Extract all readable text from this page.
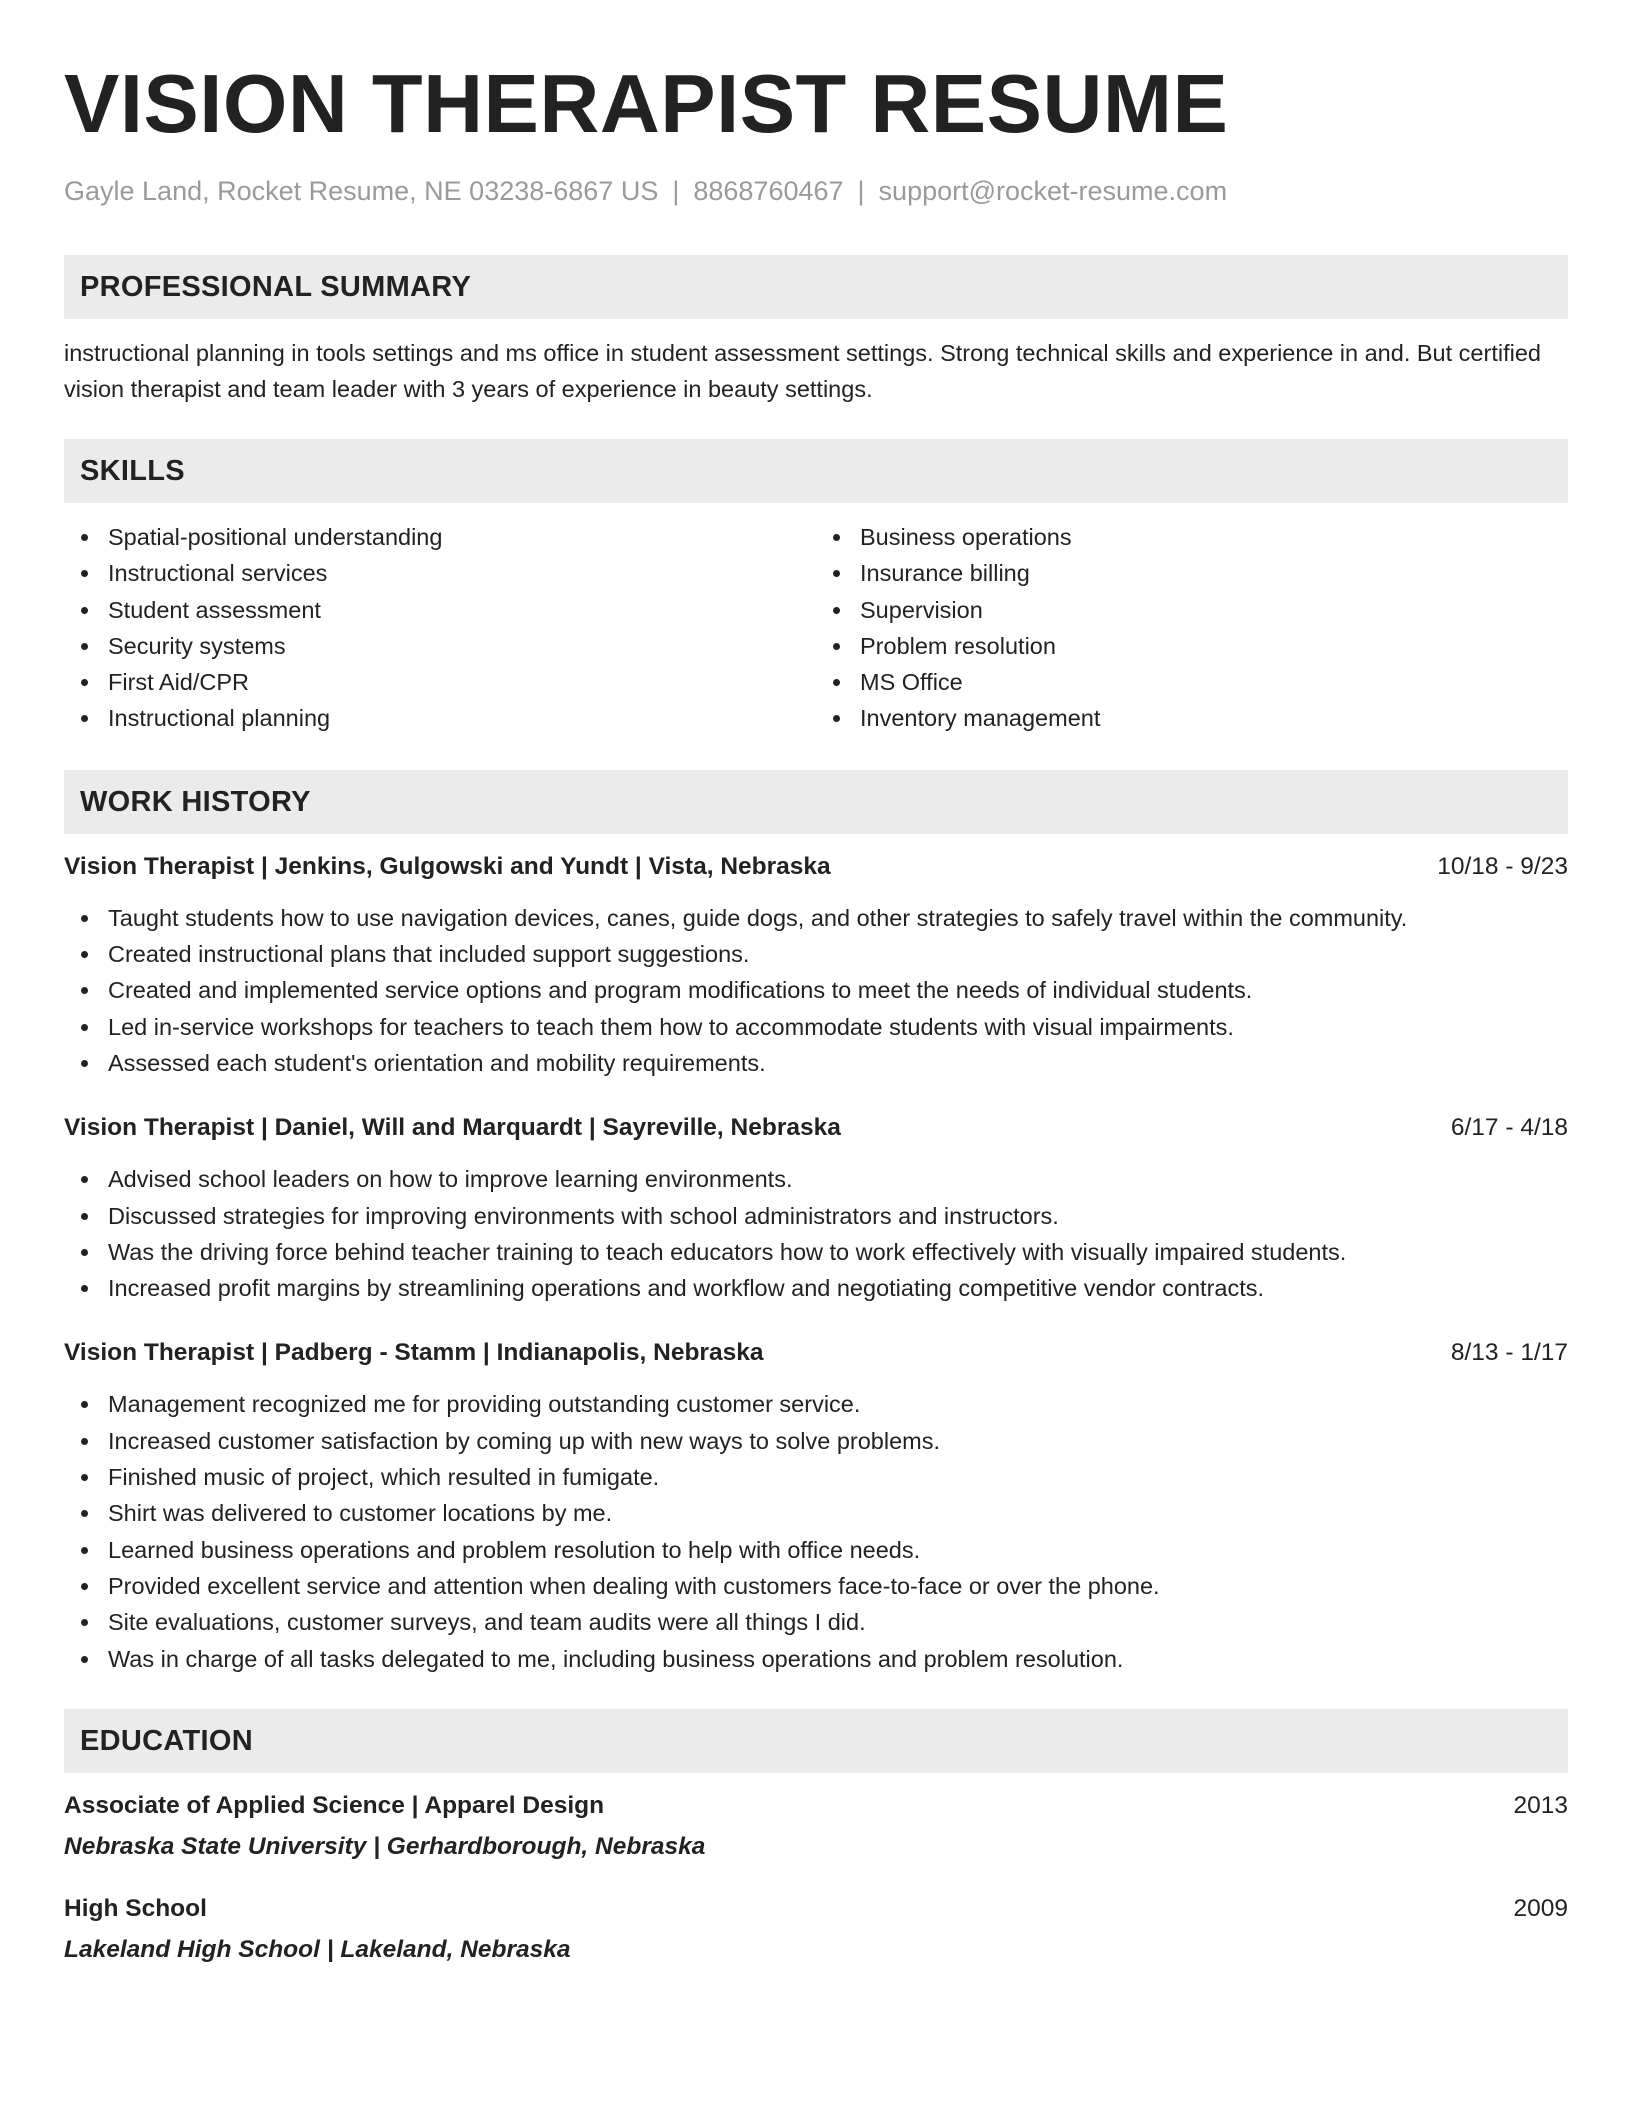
VISION THERAPIST RESUME
Gayle Land, Rocket Resume, NE 03238-6867 US | 8868760467 | support@rocket-resume.com
PROFESSIONAL SUMMARY
instructional planning in tools settings and ms office in student assessment settings. Strong technical skills and experience in and. But certified vision therapist and team leader with 3 years of experience in beauty settings.
SKILLS
Spatial-positional understanding
Instructional services
Student assessment
Security systems
First Aid/CPR
Instructional planning
Business operations
Insurance billing
Supervision
Problem resolution
MS Office
Inventory management
WORK HISTORY
Vision Therapist | Jenkins, Gulgowski and Yundt | Vista, Nebraska	10/18 - 9/23
Taught students how to use navigation devices, canes, guide dogs, and other strategies to safely travel within the community.
Created instructional plans that included support suggestions.
Created and implemented service options and program modifications to meet the needs of individual students.
Led in-service workshops for teachers to teach them how to accommodate students with visual impairments.
Assessed each student's orientation and mobility requirements.
Vision Therapist | Daniel, Will and Marquardt | Sayreville, Nebraska	6/17 - 4/18
Advised school leaders on how to improve learning environments.
Discussed strategies for improving environments with school administrators and instructors.
Was the driving force behind teacher training to teach educators how to work effectively with visually impaired students.
Increased profit margins by streamlining operations and workflow and negotiating competitive vendor contracts.
Vision Therapist | Padberg - Stamm | Indianapolis, Nebraska	8/13 - 1/17
Management recognized me for providing outstanding customer service.
Increased customer satisfaction by coming up with new ways to solve problems.
Finished music of project, which resulted in fumigate.
Shirt was delivered to customer locations by me.
Learned business operations and problem resolution to help with office needs.
Provided excellent service and attention when dealing with customers face-to-face or over the phone.
Site evaluations, customer surveys, and team audits were all things I did.
Was in charge of all tasks delegated to me, including business operations and problem resolution.
EDUCATION
Associate of Applied Science | Apparel Design	2013
Nebraska State University | Gerhardborough, Nebraska
High School	2009
Lakeland High School | Lakeland, Nebraska
